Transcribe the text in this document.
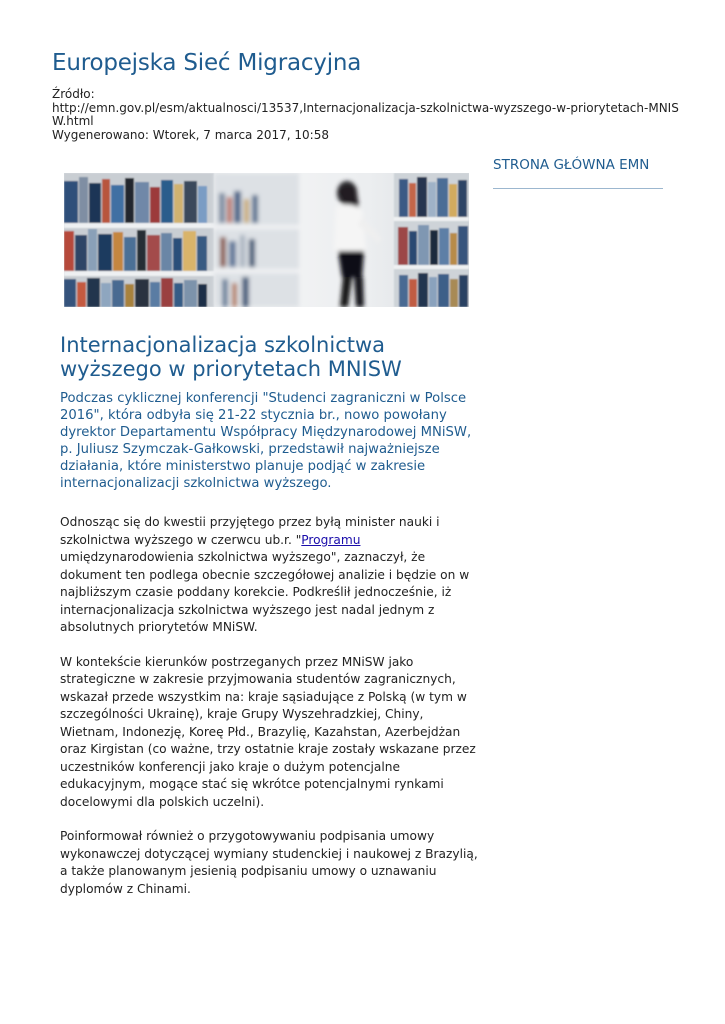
Europejska Sieć Migracyjna
Źródło:
http://emn.gov.pl/esm/aktualnosci/13537,Internacjonalizacja-szkolnictwa-wyzszego-w-priorytetach-MNISW.html
Wygenerowano: Wtorek, 7 marca 2017, 10:58
STRONA GŁÓWNA EMN
Internacjonalizacja szkolnictwa wyższego w priorytetach MNISW

Podczas cyklicznej konferencji "Studenci zagraniczni w Polsce 2016", która odbyła się 21-22 stycznia br., nowo powołany dyrektor Departamentu Współpracy Międzynarodowej MNiSW, p. Juliusz Szymczak-Gałkowski, przedstawił najważniejsze działania, które ministerstwo planuje podjąć w zakresie internacjonalizacji szkolnictwa wyższego.

Odnosząc się do kwestii przyjętego przez byłą minister nauki i szkolnictwa wyższego w czerwcu ub.r. "Programu umiędzynarodowienia szkolnictwa wyższego", zaznaczył, że dokument ten podlega obecnie szczegółowej analizie i będzie on w najbliższym czasie poddany korekcie. Podkreślił jednocześnie, iż internacjonalizacja szkolnictwa wyższego jest nadal jednym z absolutnych priorytetów MNiSW.

W kontekście kierunków postrzeganych przez MNiSW jako strategiczne w zakresie przyjmowania studentów zagranicznych, wskazał przede wszystkim na: kraje sąsiadujące z Polską (w tym w szczególności Ukrainę), kraje Grupy Wyszehradzkiej, Chiny, Wietnam, Indonezję, Koreę Płd., Brazylię, Kazahstan, Azerbejdżan oraz Kirgistan (co ważne, trzy ostatnie kraje zostały wskazane przez uczestników konferencji jako kraje o dużym potencjalne edukacyjnym, mogące stać się wkrótce potencjalnymi rynkami docelowymi dla polskich uczelni).

Poinformował również o przygotowywaniu podpisania umowy wykonawczej dotyczącej wymiany studenckiej i naukowej z Brazylią, a także planowanym jesienią podpisaniu umowy o uznawaniu dyplomów z Chinami.
